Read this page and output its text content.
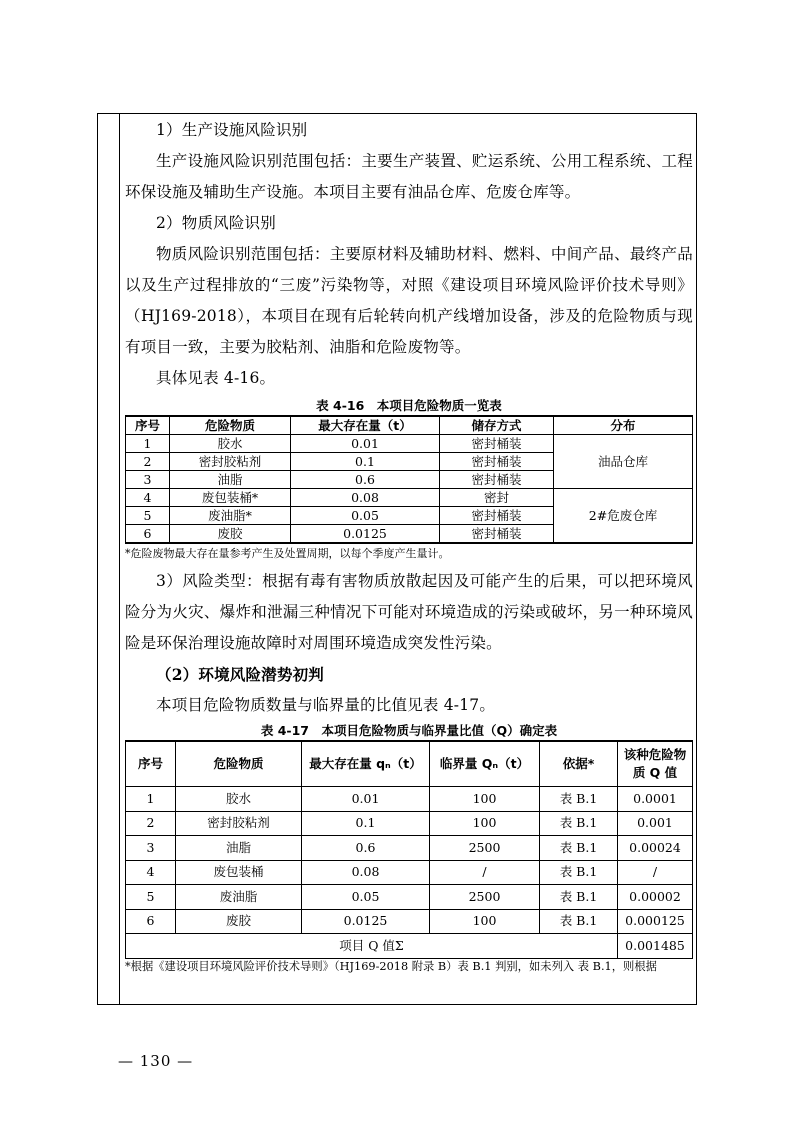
1）生产设施风险识别

生产设施风险识别范围包括：主要生产装置、贮运系统、公用工程系统、工程环保设施及辅助生产设施。本项目主要有油品仓库、危废仓库等。

2）物质风险识别

物质风险识别范围包括：主要原材料及辅助材料、燃料、中间产品、最终产品以及生产过程排放的“三废”污染物等，对照《建设项目环境风险评价技术导则》（HJ169-2018），本项目在现有后轮转向机产线增加设备，涉及的危险物质与现有项目一致，主要为胶粘剂、油脂和危险废物等。

具体见表 4-16。

表 4-16　本项目危险物质一览表
序号	危险物质	最大存在量（t）	储存方式	分布
1	胶水	0.01	密封桶装	油品仓库
2	密封胶粘剂	0.1	密封桶装	
3	油脂	0.6	密封桶装	
4	废包装桶*	0.08	密封	2#危废仓库
5	废油脂*	0.05	密封桶装	
6	废胶	0.0125	密封桶装	

*危险废物最大存在量参考产生及处置周期，以每个季度产生量计。

3）风险类型：根据有毒有害物质放散起因及可能产生的后果，可以把环境风险分为火灾、爆炸和泄漏三种情况下可能对环境造成的污染或破坏，另一种环境风险是环保治理设施故障时对周围环境造成突发性污染。

（2）环境风险潜势初判

本项目危险物质数量与临界量的比值见表 4-17。

表 4-17　本项目危险物质与临界量比值（Q）确定表
序号	危险物质	最大存在量 qₙ（t）	临界量 Qₙ（t）	依据*	该种危险物
质 Q 值
1	胶水	0.01	100	表 B.1	0.0001
2	密封胶粘剂	0.1	100	表 B.1	0.001
3	油脂	0.6	2500	表 B.1	0.00024
4	废包装桶	0.08	/	表 B.1	/
5	废油脂	0.05	2500	表 B.1	0.00002
6	废胶	0.0125	100	表 B.1	0.000125
项目 Q 值Σ					0.001485

*根据《建设项目环境风险评价技术导则》（HJ169-2018 附录 B）表 B.1 判别，如未列入 表 B.1，则根据

— 130 —
